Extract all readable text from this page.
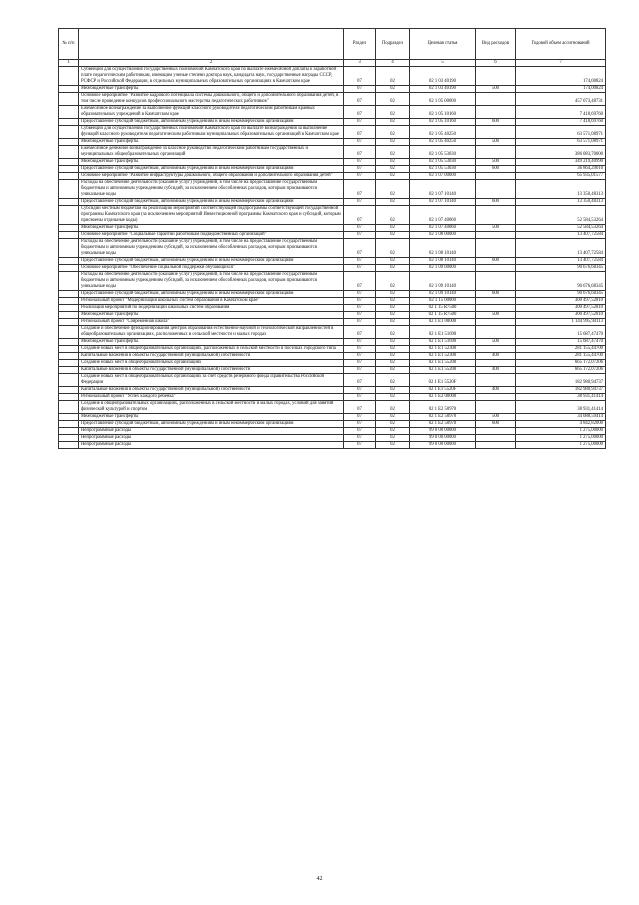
№ п/п		Раздел	Подраздел	Целевая статья	Вид расходов	Годовой объем ассигнований
1	2	3	4	5	6	7
	Субвенции для осуществления государственных полномочий Камчатского края по выплате ежемесячной доплаты к заработной плате педагогическим работникам, имеющим ученые степени доктора наук, кандидата наук, государственные награды СССР, РСФСР и Российской Федерации, в отдельных муниципальных образовательных организациях в Камчатском крае	07	02	02 1 03 40190		174,00824
	Межбюджетные трансферты	07	02	02 1 03 40190	500	174,00824
	Основное мероприятие "Развитие кадрового потенциала системы дошкольного, общего и дополнительного образования детей, в том числе проведение конкурсов профессионального мастерства педагогических работников"	07	02	02 1 05 00000		457 073,48731
	Ежемесячное вознаграждение за выполнение функций классного руководителя педагогическим работникам краевых образовательных учреждений в Камчатском крае	07	02	02 1 05 10160		7 418,69760
	Предоставление субсидий бюджетным, автономным учреждениям и иным некоммерческим организациям	07	02	02 1 05 10160	600	7 418,69760
	Субвенции для осуществления государственных полномочий Камчатского края по выплате вознаграждения за выполнение функций классного руководителя педагогическим работникам муниципальных образовательных организаций в Камчатском крае	07	02	02 1 05 40250		63 571,08971
	Межбюджетные трансферты	07	02	02 1 05 40250	500	63 571,08971
	Ежемесячное денежное вознаграждение за классное руководство педагогическим работникам государственных и муниципальных общеобразовательных организаций	07	02	02 1 05 53030		386 083,70000
	Межбюджетные трансферты	07	02	02 1 05 53030	500	349 219,40990
	Предоставление субсидий бюджетным, автономным учреждениям и иным некоммерческим организациям	07	02	02 1 05 53030	600	36 864,29010
	Основное мероприятие "Развитие инфраструктуры дошкольного, общего образования и дополнительного образования детей"	07	02	02 1 07 00000		65 935,01577
	Расходы на обеспечение деятельности (оказание услуг) учреждений, в том числе на предоставление государственным бюджетным и автономным учреждениям субсидий, за исключением обособленных расходов, которым присваиваются уникальные коды	07	02	02 1 07 10140		13 350,48313
	Предоставление субсидий бюджетным, автономным учреждениям и иным некоммерческим организациям	07	02	02 1 07 10140	600	13 350,48313
	Субсидии местным бюджетам на реализацию мероприятий соответствующей подпрограммы соответствующей государственной программы Камчатского края (за исключением мероприятий Инвестиционной программы Камчатского края и субсидий, которым присвоены отдельные коды)	07	02	02 1 07 40060		52 584,53264
	Межбюджетные трансферты	07	02	02 1 07 40060	500	52 584,53264
	Основное мероприятие "Социальные гарантии работникам подведомственных организаций"	07	02	02 1 08 00000		13 407,72584
	Расходы на обеспечение деятельности (оказание услуг) учреждений, в том числе на предоставление государственным бюджетным и автономным учреждениям субсидий, за исключением обособленных расходов, которым присваиваются уникальные коды	07	02	02 1 08 10140		13 407,72584
	Предоставление субсидий бюджетным, автономным учреждениям и иным некоммерческим организациям	07	02	02 1 08 10140	600	13 407,72584
	Основное мероприятие "Обеспечение социальной поддержки обучающихся"	07	02	02 1 09 00000		90 676,68345
	Расходы на обеспечение деятельности (оказание услуг) учреждений, в том числе на предоставление государственным бюджетным и автономным учреждениям субсидий, за исключением обособленных расходов, которым присваиваются уникальные коды	07	02	02 1 09 10140		90 676,68345
	Предоставление субсидий бюджетным, автономным учреждениям и иным некоммерческим организациям	07	02	02 1 09 10140	600	90 676,68345
	Региональный проект "Модернизация школьных систем образования в Камчатском крае"	07	02	02 1 15 00000		300 497,52810
	Реализация мероприятий по модернизации школьных систем образования	07	02	02 1 15 R7500		300 497,52810
	Межбюджетные трансферты	07	02	02 1 15 R7500	500	300 497,52810
	Региональный проект "Современная школа"	07	02	02 1 E1 00000		1 144 995,94113
	Создание и обеспечение функционирования центров образования естественно-научной и технологической направленностей в общеобразовательных организациях, расположенных в сельской местности и малых городах	07	02	02 1 E1 51690		15 687,47470
	Межбюджетные трансферты	07	02	02 1 E1 51690	500	15 687,47470
	Создание новых мест в общеобразовательных организациях, расположенных в сельской местности и поселках городского типа	07	02	02 1 E1 52300		281 155,44700
	Капитальные вложения в объекты государственной (муниципальной) собственности	07	02	02 1 E1 52300	400	281 155,44700
	Создание новых мест в общеобразовательных организациях	07	02	02 1 E1 55200		665 172,07206
	Капитальные вложения в объекты государственной (муниципальной) собственности	07	02	02 1 E1 55200	400	665 172,07206
	Создание новых мест в общеобразовательных организациях за счет средств резервного фонда Правительства Российской Федерации	07	02	02 1 E1 5520F		182 980,94737
	Капитальные вложения в объекты государственной (муниципальной) собственности	07	02	02 1 E1 5520F	400	182 980,94737
	Региональный проект "Успех каждого ребенка"	07	02	02 1 E2 00000		38 931,41414
	Создание в общеобразовательных организациях, расположенных в сельской местности и малых городах, условий для занятий физической культурой и спортом	07	02	02 1 E2 50970		38 931,41414
	Межбюджетные трансферты	07	02	02 1 E2 50970	500	34 088,59414
	Предоставление субсидий бюджетным, автономным учреждениям и иным некоммерческим организациям	07	02	02 1 E2 50970	600	4 842,82000
	Непрограммные расходы	07	02	99 0 00 00000		1 275,00000
	Непрограммные расходы	07	02	99 0 00 00000		1 275,00000
	Непрограммные расходы	07	02	99 0 00 00000		1 275,00000
42
